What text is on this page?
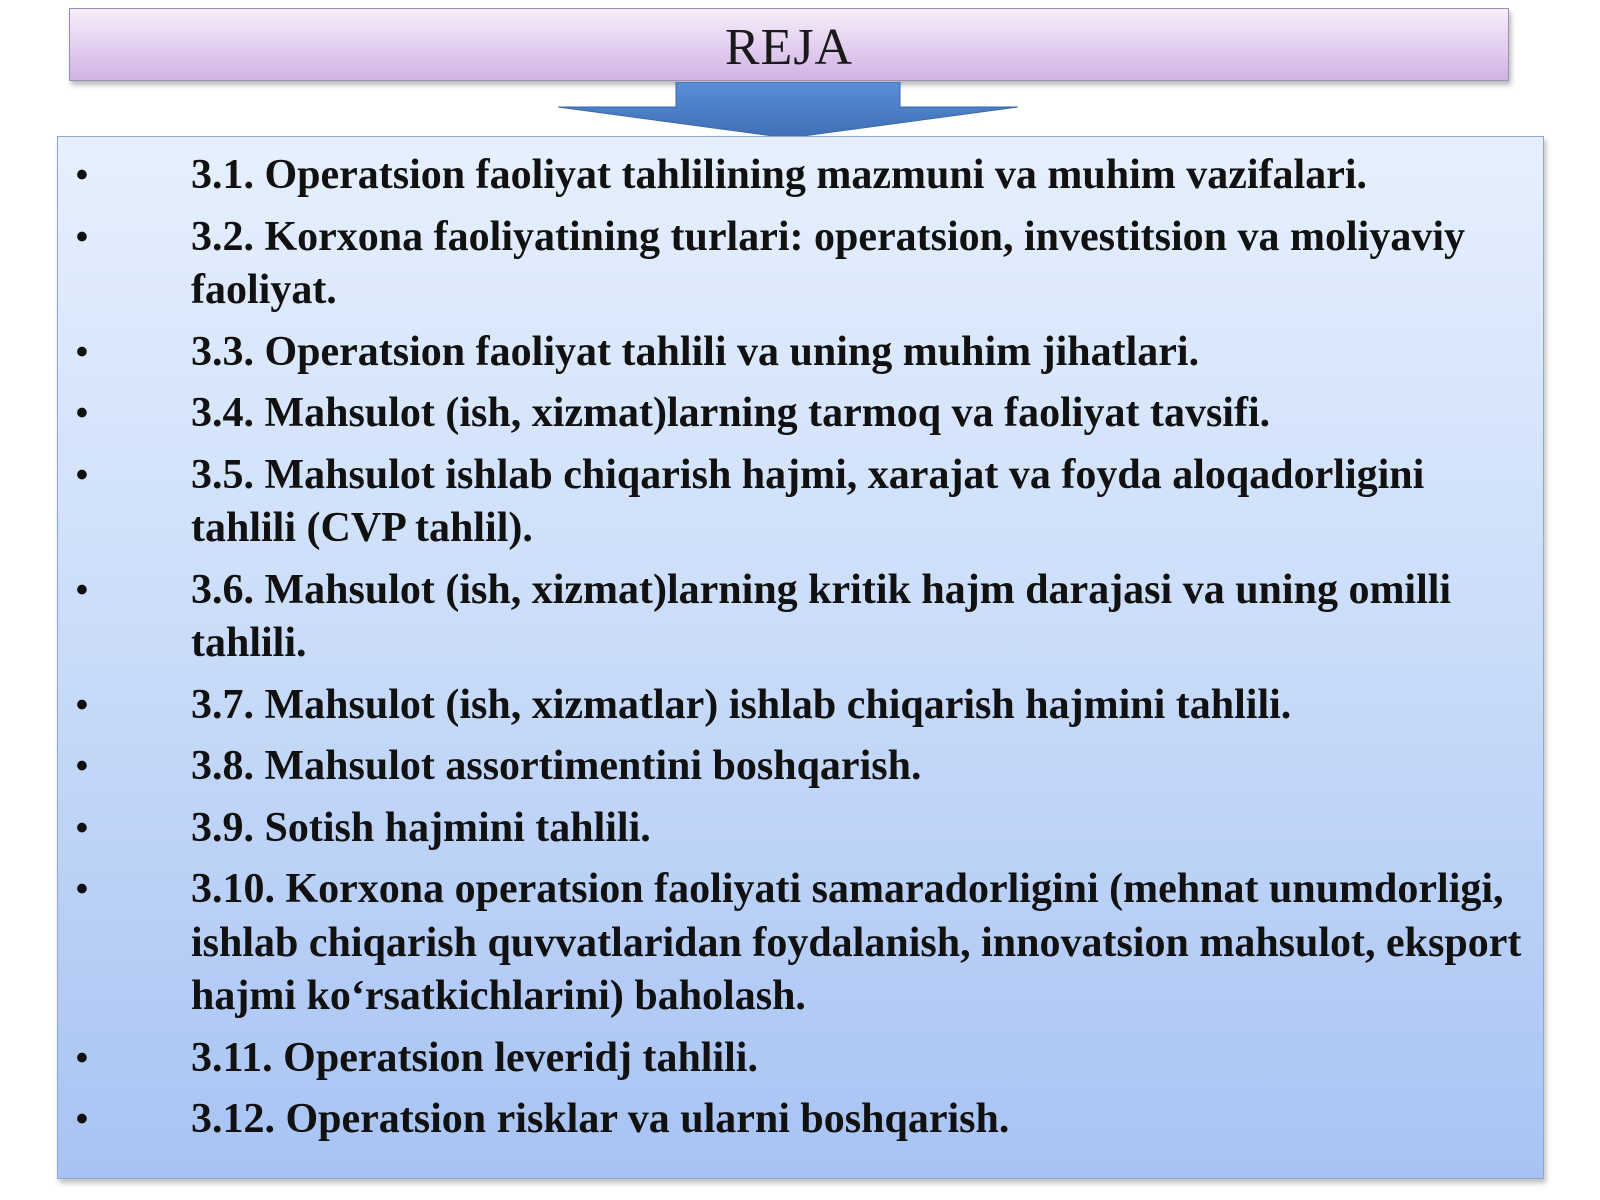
REJA
•	3.1. Operatsion faoliyat tahlilining mazmuni va muhim vazifalari.
•	3.2. Korxona faoliyatining turlari: operatsion, investitsion va moliyaviy faoliyat.
•	3.3. Operatsion faoliyat tahlili va uning muhim jihatlari.
•	3.4. Mahsulot (ish, xizmat)larning tarmoq va faoliyat tavsifi.
•	3.5. Mahsulot ishlab chiqarish hajmi, xarajat va foyda aloqadorligini tahlili (CVP tahlil).
•	3.6. Mahsulot (ish, xizmat)larning kritik hajm darajasi va uning omilli tahlili.
•	3.7. Mahsulot (ish, xizmatlar) ishlab chiqarish hajmini tahlili.
•	3.8. Mahsulot assortimentini boshqarish.
•	3.9. Sotish hajmini tahlili.
•	3.10. Korxona operatsion faoliyati samaradorligini (mehnat unumdorligi, ishlab chiqarish quvvatlaridan foydalanish, innovatsion mahsulot, eksport hajmi ko‘rsatkichlarini) baholash.
•	3.11. Operatsion leveridj tahlili.
•	3.12. Operatsion risklar va ularni boshqarish.
